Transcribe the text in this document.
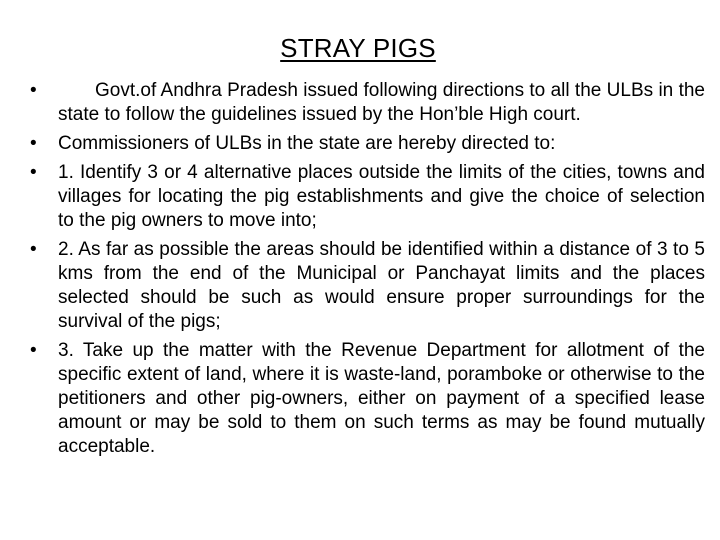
STRAY PIGS
•	Govt.of Andhra Pradesh issued following directions to all the ULBs in the state to follow the guidelines issued by the Hon’ble High court.
•	Commissioners of ULBs in the state are hereby directed to:
•	1. Identify 3 or 4 alternative places outside the limits of the cities, towns and villages for locating the pig establishments and give the choice of selection to the pig owners to move into;
•	2. As far as possible the areas should be identified within a distance of 3 to 5 kms from the end of the Municipal or Panchayat limits and the places selected should be such as would ensure proper surroundings for the survival of the pigs;
•	3. Take up the matter with the Revenue Department for allotment of the specific extent of land, where it is waste-land, poramboke or otherwise to the petitioners and other pig-owners, either on payment of a specified lease amount or may be sold to them on such terms as may be found mutually acceptable.
